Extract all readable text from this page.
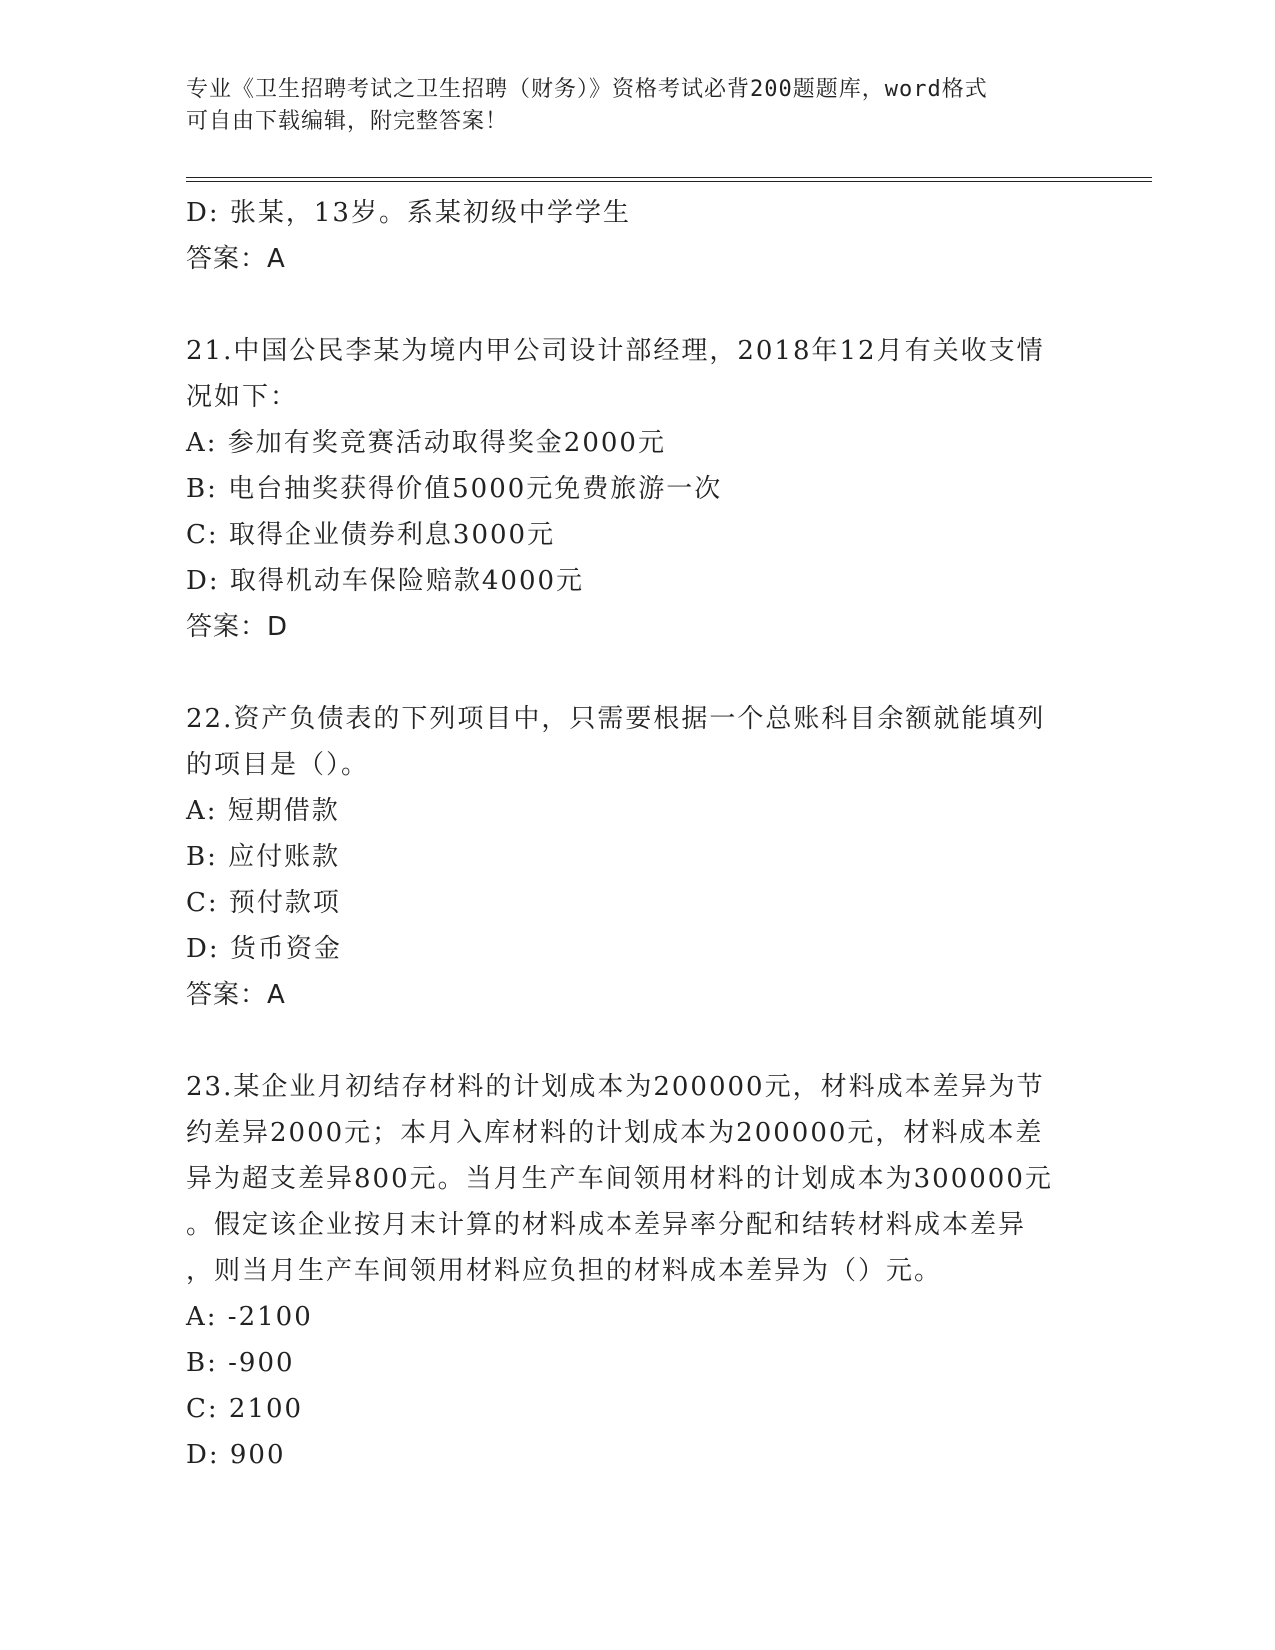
专业《卫生招聘考试之卫生招聘（财务）》资格考试必背200题题库，word格式
可自由下载编辑，附完整答案！
D: 张某，13岁。系某初级中学学生
答案：A
21.中国公民李某为境内甲公司设计部经理，2018年12月有关收支情
况如下：
A: 参加有奖竞赛活动取得奖金2000元
B: 电台抽奖获得价值5000元免费旅游一次
C: 取得企业债券利息3000元
D: 取得机动车保险赔款4000元
答案：D
22.资产负债表的下列项目中，只需要根据一个总账科目余额就能填列
的项目是（）。
A: 短期借款
B: 应付账款
C: 预付款项
D: 货币资金
答案：A
23.某企业月初结存材料的计划成本为200000元，材料成本差异为节
约差异2000元；本月入库材料的计划成本为200000元，材料成本差
异为超支差异800元。当月生产车间领用材料的计划成本为300000元
。假定该企业按月末计算的材料成本差异率分配和结转材料成本差异
，则当月生产车间领用材料应负担的材料成本差异为（）元。
A: -2100
B: -900
C: 2100
D: 900
